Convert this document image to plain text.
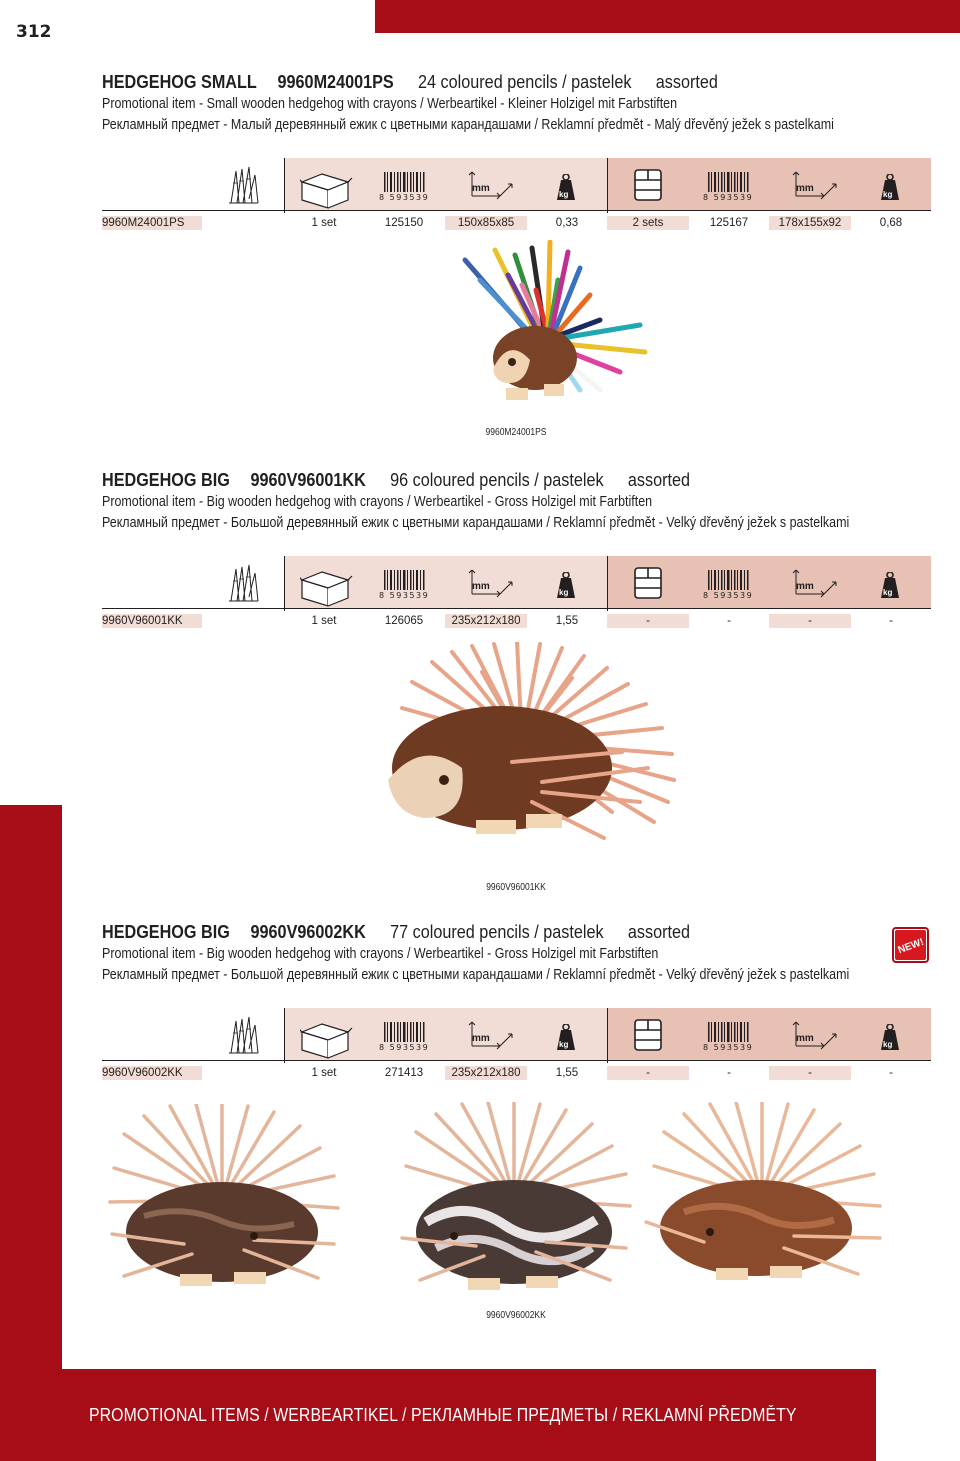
312
PROMOTIONAL ITEMS / WERBEARTIKEL / РЕКЛАМНЫЕ ПРЕДМЕТЫ / REKLAMNÍ PŘEDMĚTY
HEDGEHOG SMALL 9960M24001PS 24 coloured pencils / pastelek assorted
Promotional item - Small wooden hedgehog with crayons / Werbeartikel - Kleiner Holzigel mit Farbstiften
Рекламный предмет - Малый деревянный ежик с цветными карандашами / Reklamní předmět - Malý dřevěný ježek s pastelkami
8 593539
mm
kg	8 593539
mm
kg
9960M24001PS	1 set	125150	150x85x85	0,33	2 sets	125167	178x155x92	0,68
9960M24001PS
HEDGEHOG BIG 9960V96001KK 96 coloured pencils / pastelek assorted
Promotional item - Big wooden hedgehog with crayons / Werbeartikel - Gross Holzigel mit Farbtiften
Рекламный предмет - Большой деревянный ежик с цветными карандашами / Reklamní předmět - Velký dřevěný ježek s pastelkami
8 593539
mm
kg	8 593539
mm
kg
9960V96001KK	1 set	126065	235x212x180	1,55	-	-	-	-
9960V96001KK
HEDGEHOG BIG 9960V96002KK 77 coloured pencils / pastelek assorted
Promotional item - Big wooden hedgehog with crayons / Werbeartikel - Gross Holzigel mit Farbstiften
Рекламный предмет - Большой деревянный ежик с цветными карандашами / Reklamní předmět - Velký dřevěný ježek s pastelkami
8 593539
mm
kg	8 593539
mm
kg
9960V96002KK	1 set	271413	235x212x180	1,55	-	-	-	-
9960V96002KK
NEW!
